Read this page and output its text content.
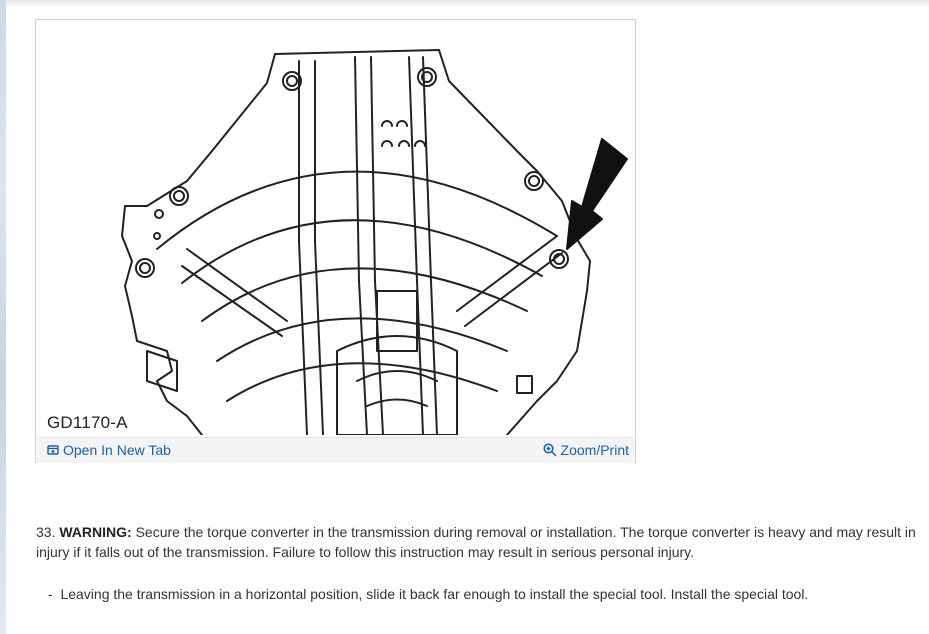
GD1170-A
Open In New Tab	Zoom/Print
33. WARNING: Secure the torque converter in the transmission during removal or installation. The torque converter is heavy and may result in injury if it falls out of the transmission. Failure to follow this instruction may result in serious personal injury.
- Leaving the transmission in a horizontal position, slide it back far enough to install the special tool. Install the special tool.
